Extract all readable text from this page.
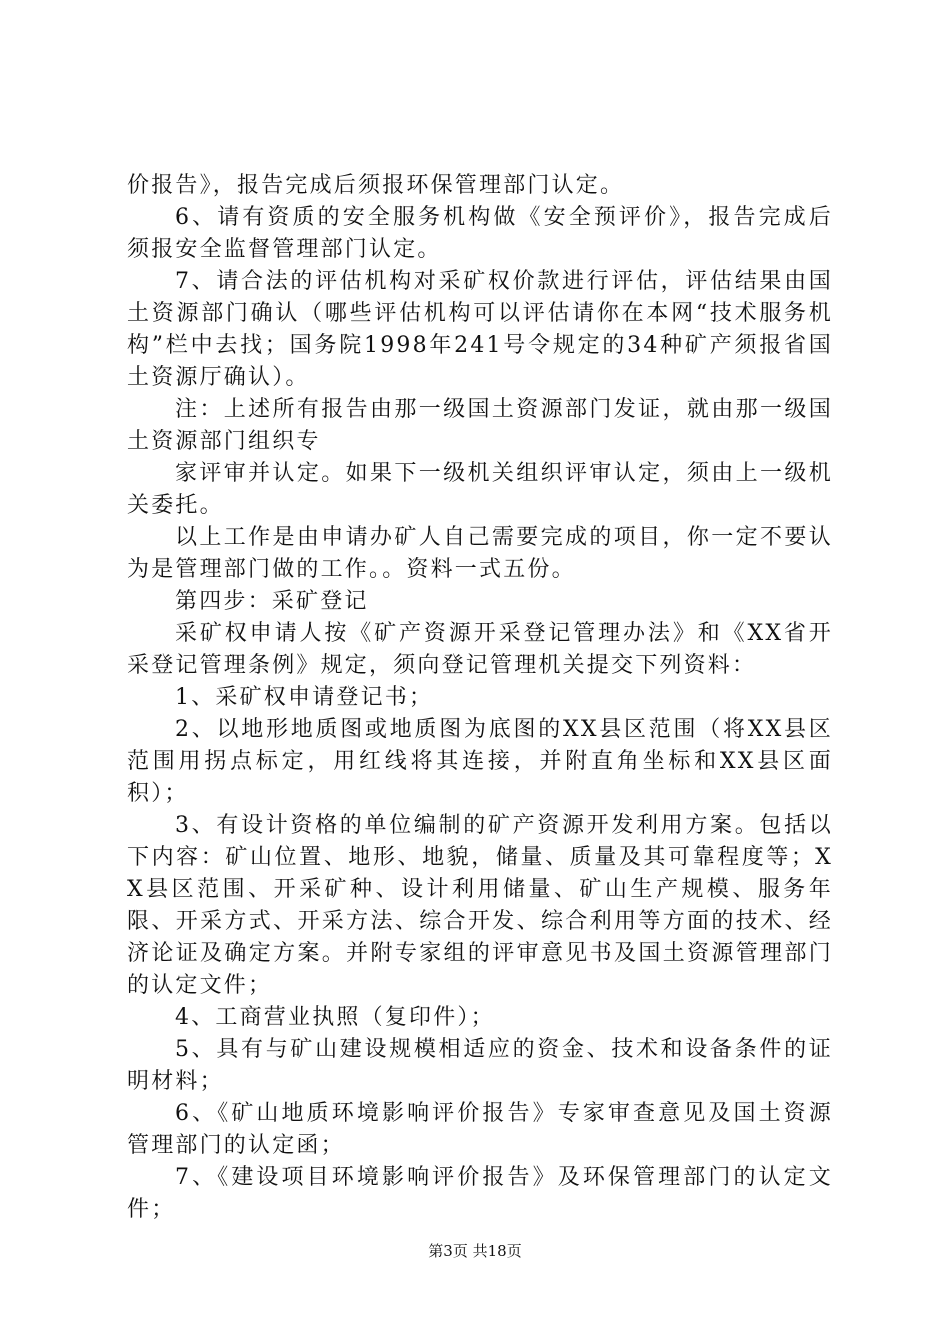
价报告》，报告完成后须报环保管理部门认定。

6、请有资质的安全服务机构做《安全预评价》，报告完成后须报安全监督管理部门认定。

7、请合法的评估机构对采矿权价款进行评估，评估结果由国土资源部门确认（哪些评估机构可以评估请你在本网“技术服务机构”栏中去找；国务院1998年241号令规定的34种矿产须报省国土资源厅确认）。

注：上述所有报告由那一级国土资源部门发证，就由那一级国土资源部门组织专

家评审并认定。如果下一级机关组织评审认定，须由上一级机关委托。

以上工作是由申请办矿人自己需要完成的项目，你一定不要认为是管理部门做的工作。。资料一式五份。

第四步：采矿登记

采矿权申请人按《矿产资源开采登记管理办法》和《XX省开采登记管理条例》规定，须向登记管理机关提交下列资料：

1、采矿权申请登记书；

2、以地形地质图或地质图为底图的XX县区范围（将XX县区范围用拐点标定，用红线将其连接，并附直角坐标和XX县区面积）；

3、有设计资格的单位编制的矿产资源开发利用方案。包括以下内容：矿山位置、地形、地貌，储量、质量及其可靠程度等；XX县区范围、开采矿种、设计利用储量、矿山生产规模、服务年限、开采方式、开采方法、综合开发、综合利用等方面的技术、经济论证及确定方案。并附专家组的评审意见书及国土资源管理部门的认定文件；

4、工商营业执照（复印件）；

5、具有与矿山建设规模相适应的资金、技术和设备条件的证明材料；

6、《矿山地质环境影响评价报告》专家审查意见及国土资源管理部门的认定函；

7、《建设项目环境影响评价报告》及环保管理部门的认定文件；

第3页 共18页
